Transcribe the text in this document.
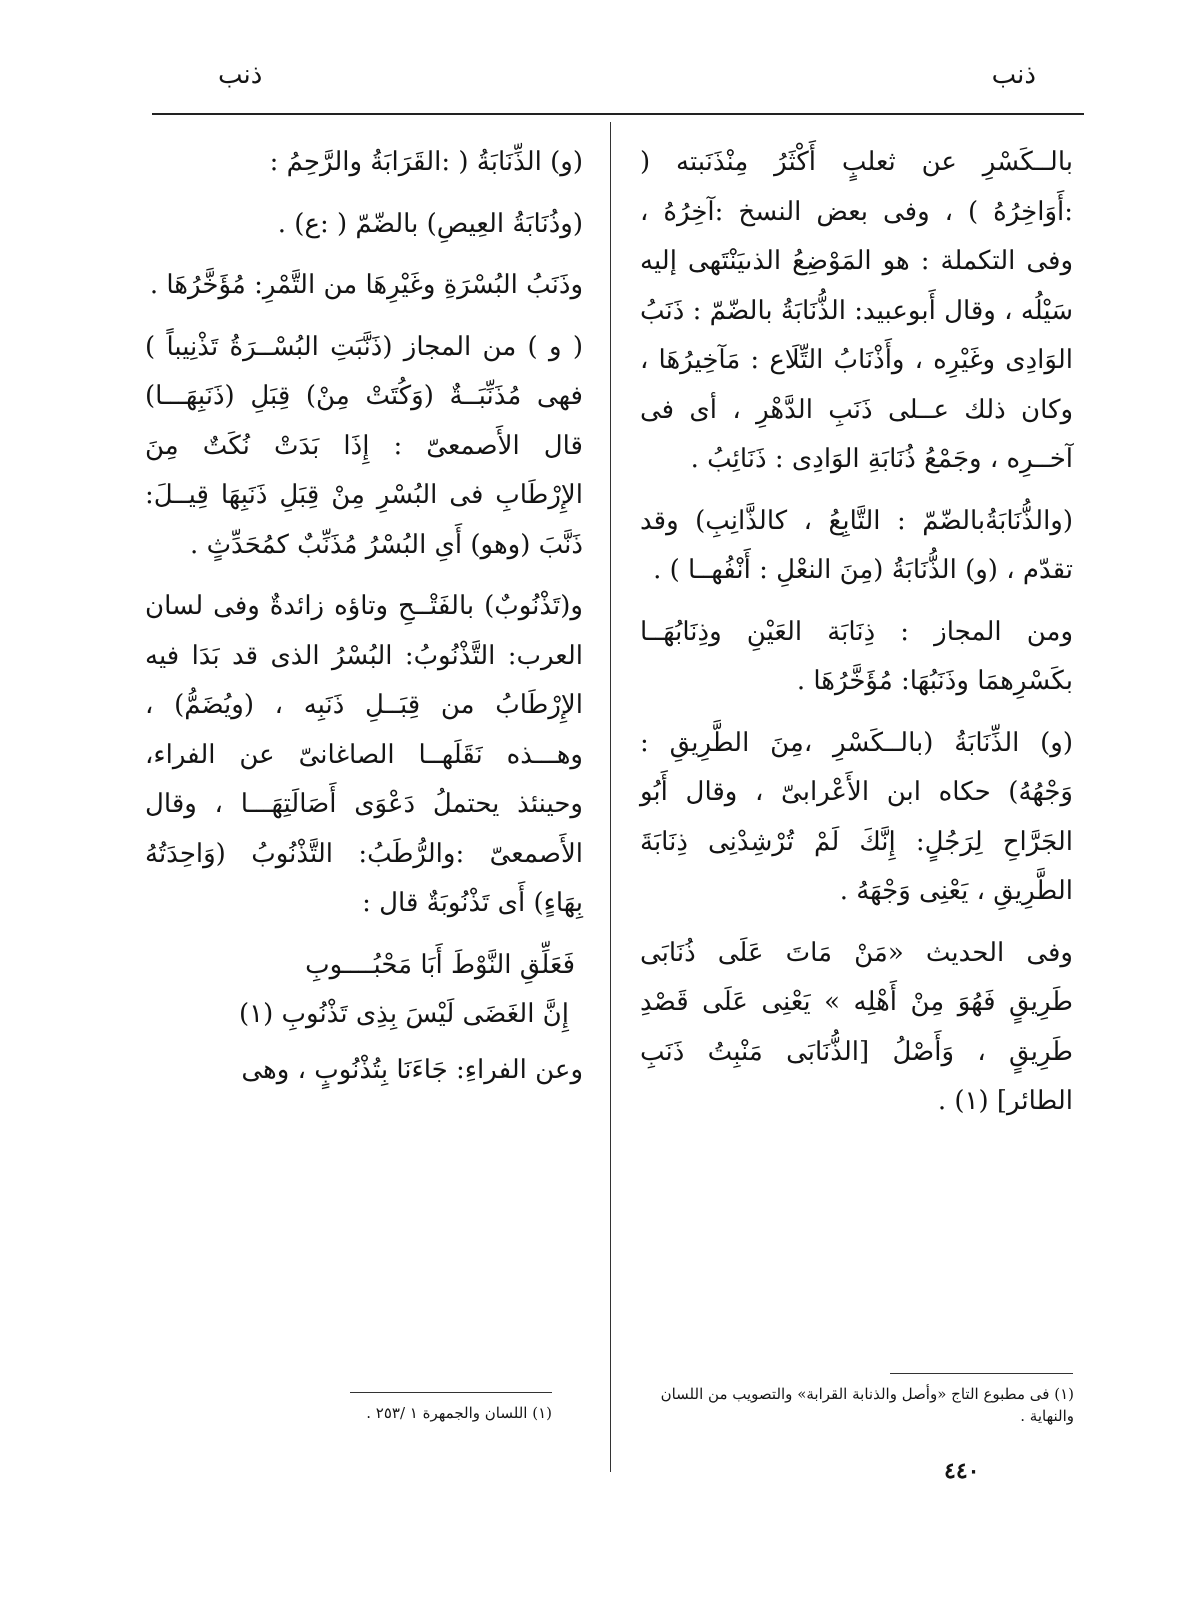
ذنب
ذنب

بالــكَسْرِ عن ثعلبٍ أَكْثَرُ مِنْذَنَبته ( :أَوَاخِرُهُ ) ، وفى بعض النسخ :آخِرُهُ ، وفى التكملة : هو المَوْضِعُ الذىيَنْتَهى إليه سَيْلُه ، وقال أَبوعبيد: الذُّنَابَةُ بالضّمّ : ذَنَبُ الوَادِى وغَيْرِه ، وأَذْنَابُ التِّلَاع : مَآخِيرُهَا ، وكان ذلك عــلى ذَنَبِ الدَّهْرِ ، أى فى آخــرِه ، وجَمْعُ ذُنَابَةِ الوَادِى : ذَنَائِبُ .

(والذُّنَابَةُبالضّمّ : التَّابِعُ ، كالذَّانِبِ) وقد تقدّم ، (و) الذُّنَابَةُ (مِنَ النعْلِ : أَنْفُهــا ) .

ومن المجاز : ذِنَابَة العَيْنِ وذِنَابُهَــا بكَسْرِهمَا وذَنَبُهَا: مُؤَخَّرُهَا .

(و) الذِّنَابَةُ (بالــكَسْرِ ،مِنَ الطَّرِيقِ : وَجْهُهُ) حكاه ابن الأَعْرابىّ ، وقال أَبُو الجَرَّاحِ لِرَجُلٍ: إِنَّكَ لَمْ تُرْشِدْنِى ذِنَابَةَ الطَّرِيقِ ، يَعْنِى وَجْهَهُ .

وفى الحديث «مَنْ مَاتَ عَلَى ذُنَابَى طَرِيقٍ فَهُوَ مِنْ أَهْلِه » يَعْنِى عَلَى قَصْدِ طَرِيقٍ ، وَأَصْلُ [الذُّنَابَى مَنْبِتُ ذَنَبِ الطائر] (١) .

(و) الذِّنَابَةُ ( :القَرَابَةُ والرَّحِمُ :

(وذُنَابَةُ العِيصِ) بالضّمّ ( :ع) .

وذَنَبُ البُسْرَةِ وغَيْرِهَا من التَّمْرِ: مُؤَخَّرُهَا .

( و ) من المجاز (ذَنَّبَتِ البُسْــرَةُ تَذْنِيباً ) فهى مُذَنِّبَــةٌ (وَكُتَتْ مِنْ) قِبَلِ (ذَنَبِهَـــا) قال الأَصمعىّ : إِذَا بَدَتْ نُكَتٌ مِنَ الإِرْطَابِ فى البُسْرِ مِنْ قِبَلِ ذَنَبِهَا قِيــلَ: ذَنَّبَ (وهو) أَىِ البُسْرُ مُذَنِّبٌ كمُحَدِّثٍ .

و(تَذْنُوبٌ) بالفَتْــحِ وتاؤه زائدةٌ وفى لسان العرب: التَّذْنُوبُ: البُسْرُ الذى قد بَدَا فيه الإِرْطَابُ من قِبَــلِ ذَنَبِه ، (ويُضَمُّ) ، وهـــذه نَقَلَهــا الصاغانىّ عن الفراء، وحينئذ يحتملُ دَعْوَى أَصَالَتِهَـــا ، وقال الأَصمعىّ :والرُّطَبُ: التَّذْنُوبُ (وَاحِدَتُهُ بِهَاءٍ) أَى تَذْنُوبَةٌ قال :

فَعَلِّقِ النَّوْطَ أَبَا مَحْبُــــوبِ
إِنَّ الغَضَى لَيْسَ بِذِى تَذْنُوبِ (١)

وعن الفراءِ: جَاءَنَا بِتُذْنُوبٍ ، وهى

(١) فى مطبوع التاج «وأصل والذنابة القرابة» والتصويب من اللسان والنهاية .
(١) اللسان والجمهرة ١ /٢٥٣ .
٤٤٠
